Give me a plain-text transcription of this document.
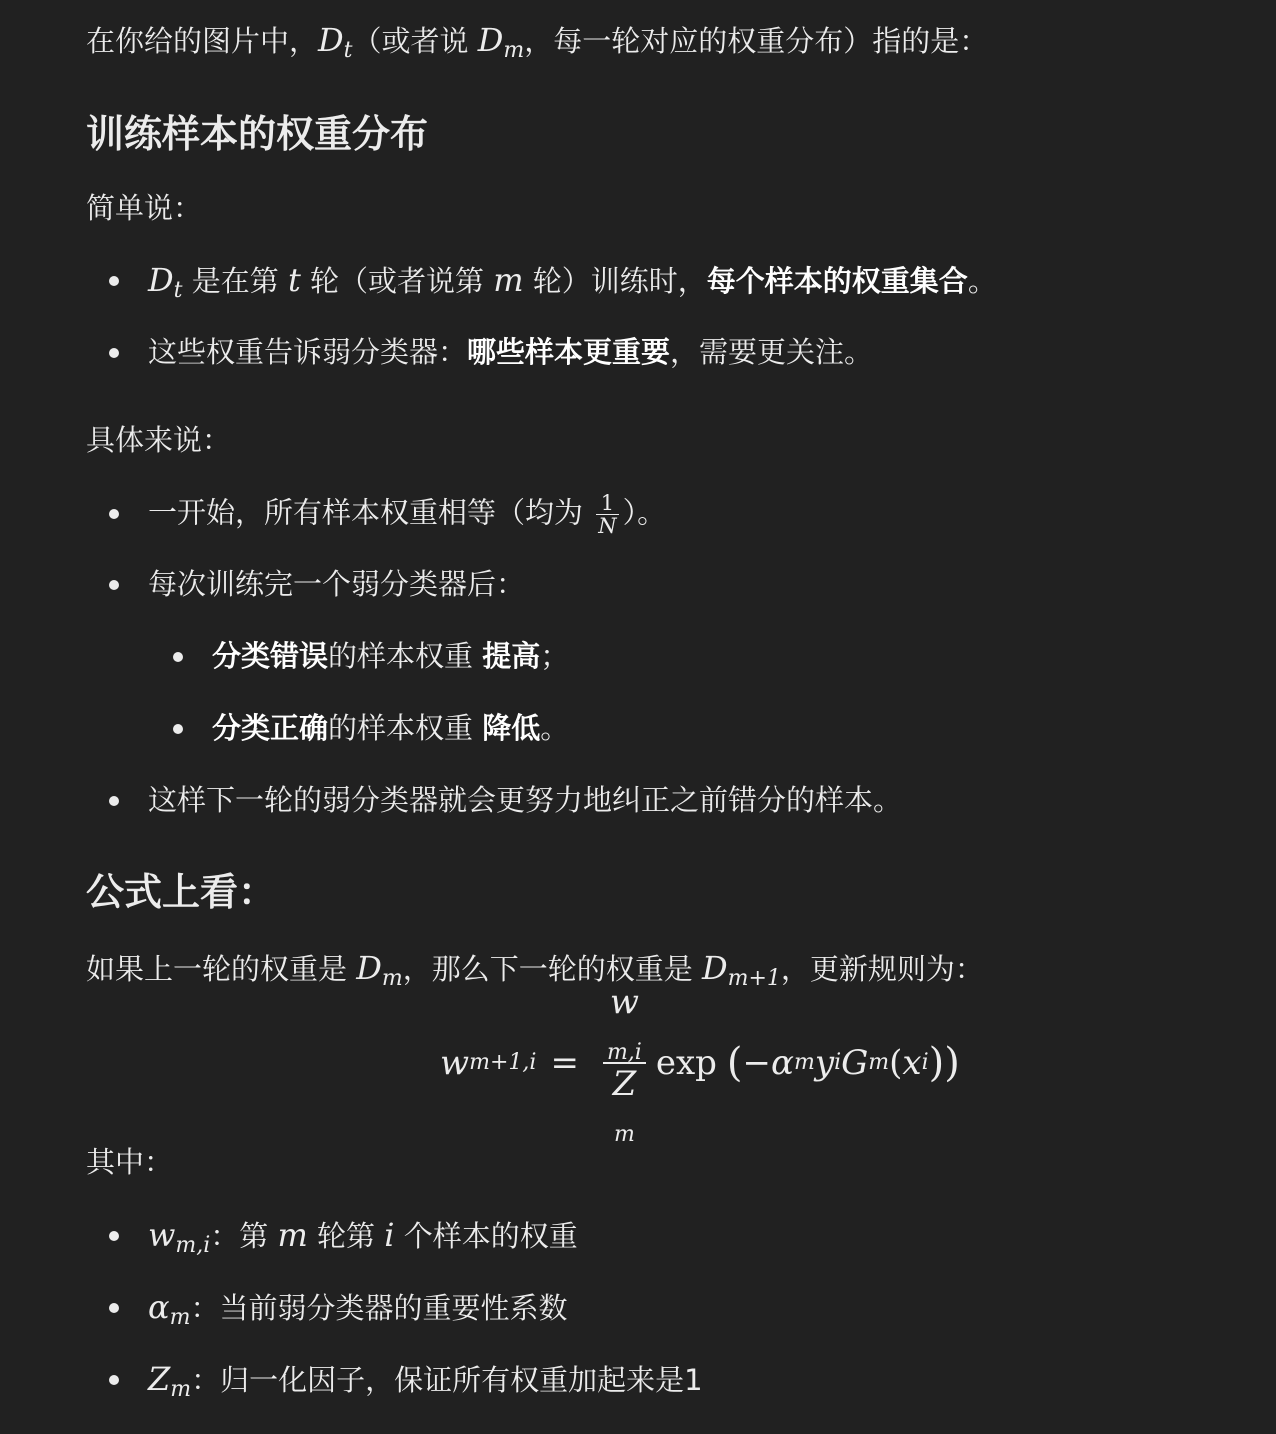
在你给的图片中，$D_t$（或者说 $D_m$，每一轮对应的权重分布）指的是：
训练样本的权重分布
简单说：
$D_t$ 是在第 t 轮（或者说第 m 轮）训练时，每个样本的权重集合。
这些权重告诉弱分类器：哪些样本更重要，需要更关注。
具体来说：
一开始，所有样本权重相等（均为 $\frac{1}{N}$ ）。
每次训练完一个弱分类器后：
分类错误的样本权重 提高；
分类正确的样本权重 降低。
这样下一轮的弱分类器就会更努力地纠正之前错分的样本。
公式上看：
如果上一轮的权重是 $D_m$，那么下一轮的权重是 $D_{m+1}$，更新规则为：
w m+1,i = w
$_{m,i}$
Z
$_m$ exp ( − α m y i G m ( x i ))
其中：
$w_{m,i}$：第 m 轮第 i 个样本的权重
$\alpha_m$：当前弱分类器的重要性系数
$Z_m$：归一化因子，保证所有权重加起来是1
